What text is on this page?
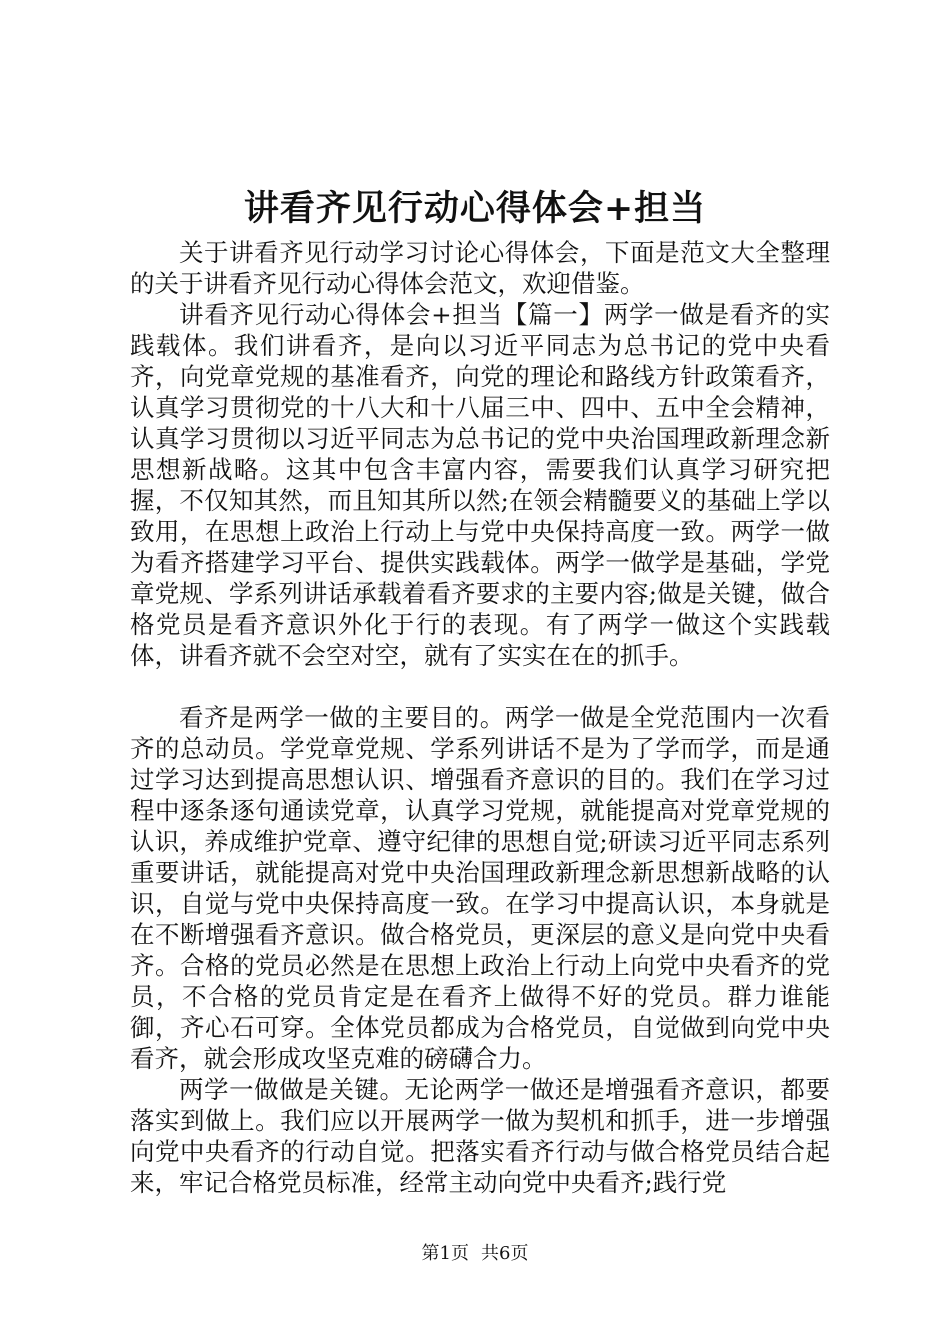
讲看齐见行动心得体会+担当

关于讲看齐见行动学习讨论心得体会，下面是范文大全整理的关于讲看齐见行动心得体会范文，欢迎借鉴。

讲看齐见行动心得体会+担当【篇一】两学一做是看齐的实践载体。我们讲看齐，是向以习近平同志为总书记的党中央看齐，向党章党规的基准看齐，向党的理论和路线方针政策看齐，认真学习贯彻党的十八大和十八届三中、四中、五中全会精神，认真学习贯彻以习近平同志为总书记的党中央治国理政新理念新思想新战略。这其中包含丰富内容，需要我们认真学习研究把握，不仅知其然，而且知其所以然;在领会精髓要义的基础上学以致用，在思想上政治上行动上与党中央保持高度一致。两学一做为看齐搭建学习平台、提供实践载体。两学一做学是基础，学党章党规、学系列讲话承载着看齐要求的主要内容;做是关键，做合格党员是看齐意识外化于行的表现。有了两学一做这个实践载体，讲看齐就不会空对空，就有了实实在在的抓手。

看齐是两学一做的主要目的。两学一做是全党范围内一次看齐的总动员。学党章党规、学系列讲话不是为了学而学，而是通过学习达到提高思想认识、增强看齐意识的目的。我们在学习过程中逐条逐句通读党章，认真学习党规，就能提高对党章党规的认识，养成维护党章、遵守纪律的思想自觉;研读习近平同志系列重要讲话，就能提高对党中央治国理政新理念新思想新战略的认识，自觉与党中央保持高度一致。在学习中提高认识，本身就是在不断增强看齐意识。做合格党员，更深层的意义是向党中央看齐。合格的党员必然是在思想上政治上行动上向党中央看齐的党员，不合格的党员肯定是在看齐上做得不好的党员。群力谁能御，齐心石可穿。全体党员都成为合格党员，自觉做到向党中央看齐，就会形成攻坚克难的磅礴合力。

两学一做做是关键。无论两学一做还是增强看齐意识，都要落实到做上。我们应以开展两学一做为契机和抓手，进一步增强向党中央看齐的行动自觉。把落实看齐行动与做合格党员结合起来，牢记合格党员标准，经常主动向党中央看齐;践行党

第1页 共6页
